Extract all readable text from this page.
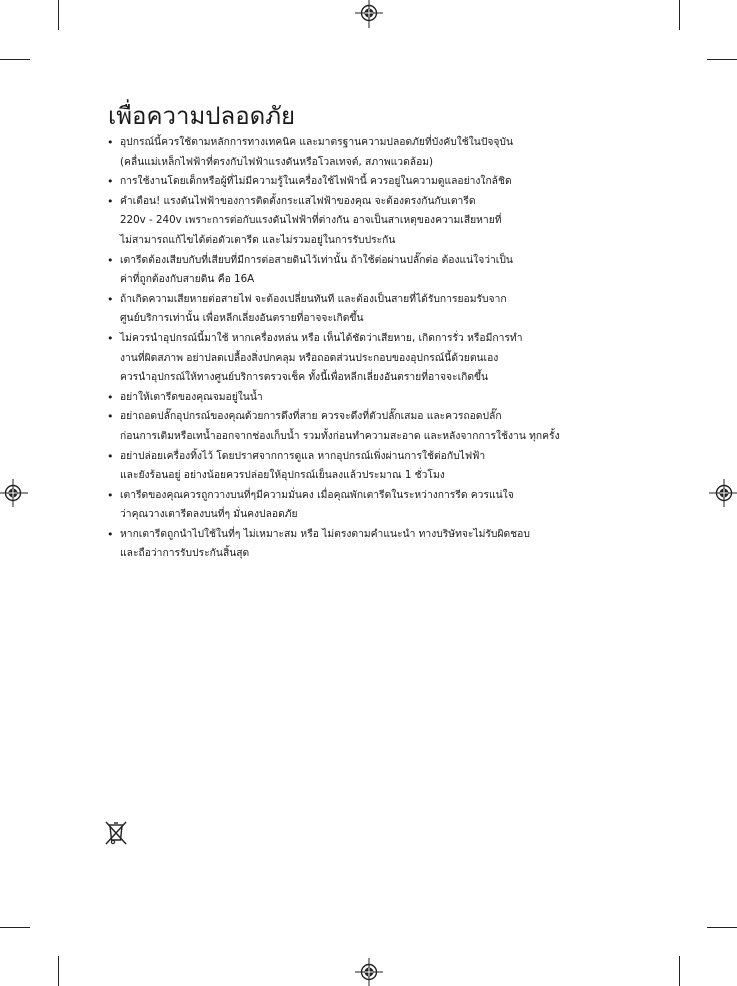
เพื่อความปลอดภัย
• อุปกรณ์นี้ควรใช้ตามหลักการทางเทคนิค และมาตรฐานความปลอดภัยที่บังคับใช้ในปัจจุบัน
(คลื่นแม่เหล็กไฟฟ้าที่ตรงกับไฟฟ้าแรงดันหรือโวลเทจต์, สภาพแวดล้อม)
• การใช้งานโดยเด็กหรือผู้ที่ไม่มีความรู้ในเครื่องใช้ไฟฟ้านี้ ควรอยู่ในความดูแลอย่างใกล้ชิด
• คำเตือน! แรงดันไฟฟ้าของการติดตั้งกระแสไฟฟ้าของคุณ จะต้องตรงกันกับเตารีด
220v - 240v เพราะการต่อกับแรงดันไฟฟ้าที่ต่างกัน อาจเป็นสาเหตุของความเสียหายที่
ไม่สามารถแก้ไขได้ต่อตัวเตารีด และไม่รวมอยู่ในการรับประกัน
• เตารีดต้องเสียบกับที่เสียบที่มีการต่อสายดินไว้เท่านั้น ถ้าใช้ต่อผ่านปลั๊กต่อ ต้องแน่ใจว่าเป็น
ค่าที่ถูกต้องกับสายดิน คือ 16A
• ถ้าเกิดความเสียหายต่อสายไฟ จะต้องเปลี่ยนทันที และต้องเป็นสายที่ได้รับการยอมรับจาก
ศูนย์บริการเท่านั้น เพื่อหลีกเลี่ยงอันตรายที่อาจจะเกิดขึ้น
• ไม่ควรนำอุปกรณ์นี้มาใช้ หากเครื่องหล่น หรือ เห็นได้ชัดว่าเสียหาย, เกิดการรั่ว หรือมีการทำ
งานที่ผิดสภาพ อย่าปลดเปลื้องสิ่งปกคลุม หรือถอดส่วนประกอบของอุปกรณ์นี้ด้วยตนเอง
ควรนำอุปกรณ์ให้ทางศูนย์บริการตรวจเช็ค ทั้งนี้เพื่อหลีกเลี่ยงอันตรายที่อาจจะเกิดขึ้น
• อย่าให้เตารีดของคุณจมอยู่ในน้ำ
• อย่าถอดปลั๊กอุปกรณ์ของคุณด้วยการดึงที่สาย ควรจะดึงที่ตัวปลั๊กเสมอ และควรถอดปลั๊ก
ก่อนการเติมหรือเทน้ำออกจากช่องเก็บน้ำ รวมทั้งก่อนทำความสะอาด และหลังจากการใช้งาน ทุกครั้ง
• อย่าปล่อยเครื่องทิ้งไว้ โดยปราศจากการดูแล หากอุปกรณ์เพิ่งผ่านการใช้ต่อกับไฟฟ้า
และยังร้อนอยู่ อย่างน้อยควรปล่อยให้อุปกรณ์เย็นลงแล้วประมาณ 1 ชั่วโมง
• เตารีดของคุณควรถูกวางบนที่ๆมีความมั่นคง เมื่อคุณพักเตารีดในระหว่างการรีด ควรแน่ใจ
ว่าคุณวางเตารีดลงบนที่ๆ มั่นคงปลอดภัย
• หากเตารีดถูกนำไปใช้ในที่ๆ ไม่เหมาะสม หรือ ไม่ตรงตามคำแนะนำ ทางบริษัทจะไม่รับผิดชอบ
และถือว่าการรับประกันสิ้นสุด
